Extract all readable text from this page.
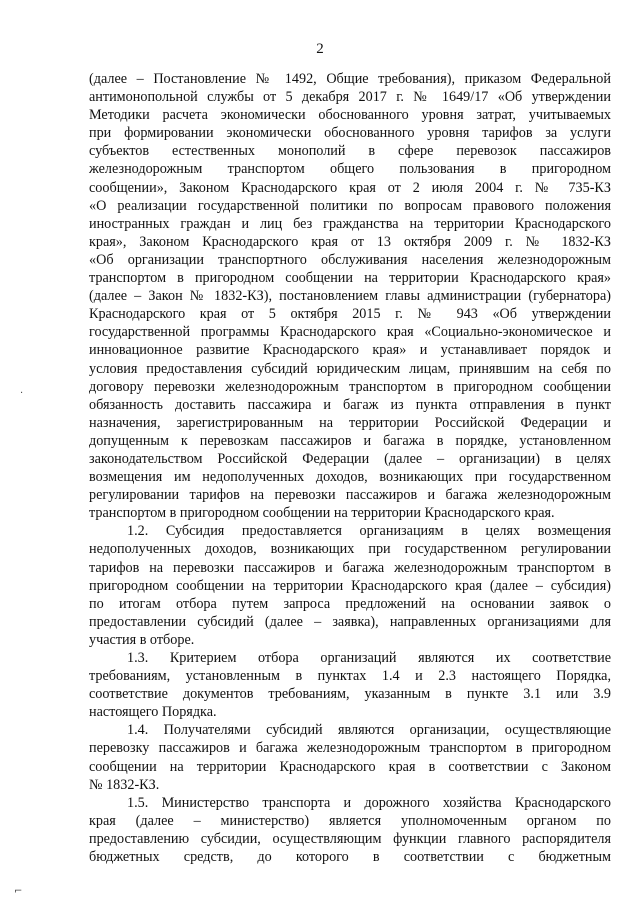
2
(далее – Постановление № 1492, Общие требования), приказом Федеральной
антимонопольной службы от 5 декабря 2017 г. № 1649/17 «Об утверждении
Методики расчета экономически обоснованного уровня затрат, учитываемых
при формировании экономически обоснованного уровня тарифов за услуги
субъектов естественных монополий в сфере перевозок пассажиров
железнодорожным транспортом общего пользования в пригородном
сообщении», Законом Краснодарского края от 2 июля 2004 г. № 735-КЗ
«О реализации государственной политики по вопросам правового положения
иностранных граждан и лиц без гражданства на территории Краснодарского
края», Законом Краснодарского края от 13 октября 2009 г. № 1832-КЗ
«Об организации транспортного обслуживания населения железнодорожным
транспортом в пригородном сообщении на территории Краснодарского края»
(далее – Закон № 1832-КЗ), постановлением главы администрации (губернатора)
Краснодарского края от 5 октября 2015 г. № 943 «Об утверждении
государственной программы Краснодарского края «Социально-экономическое и
инновационное развитие Краснодарского края» и устанавливает порядок и
условия предоставления субсидий юридическим лицам, принявшим на себя по
договору перевозки железнодорожным транспортом в пригородном сообщении
обязанность доставить пассажира и багаж из пункта отправления в пункт
назначения, зарегистрированным на территории Российской Федерации и
допущенным к перевозкам пассажиров и багажа в порядке, установленном
законодательством Российской Федерации (далее – организации) в целях
возмещения им недополученных доходов, возникающих при государственном
регулировании тарифов на перевозки пассажиров и багажа железнодорожным
транспортом в пригородном сообщении на территории Краснодарского края.
1.2. Субсидия предоставляется организациям в целях возмещения
недополученных доходов, возникающих при государственном регулировании
тарифов на перевозки пассажиров и багажа железнодорожным транспортом в
пригородном сообщении на территории Краснодарского края (далее – субсидия)
по итогам отбора путем запроса предложений на основании заявок о
предоставлении субсидий (далее – заявка), направленных организациями для
участия в отборе.
1.3. Критерием отбора организаций являются их соответствие
требованиям, установленным в пунктах 1.4 и 2.3 настоящего Порядка,
соответствие документов требованиям, указанным в пункте 3.1 или 3.9
настоящего Порядка.
1.4. Получателями субсидий являются организации, осуществляющие
перевозку пассажиров и багажа железнодорожным транспортом в пригородном
сообщении на территории Краснодарского края в соответствии с Законом
№ 1832-КЗ.
1.5. Министерство транспорта и дорожного хозяйства Краснодарского
края (далее – министерство) является уполномоченным органом по
предоставлению субсидии, осуществляющим функции главного распорядителя
бюджетных средств, до которого в соответствии с бюджетным
·
⌐
